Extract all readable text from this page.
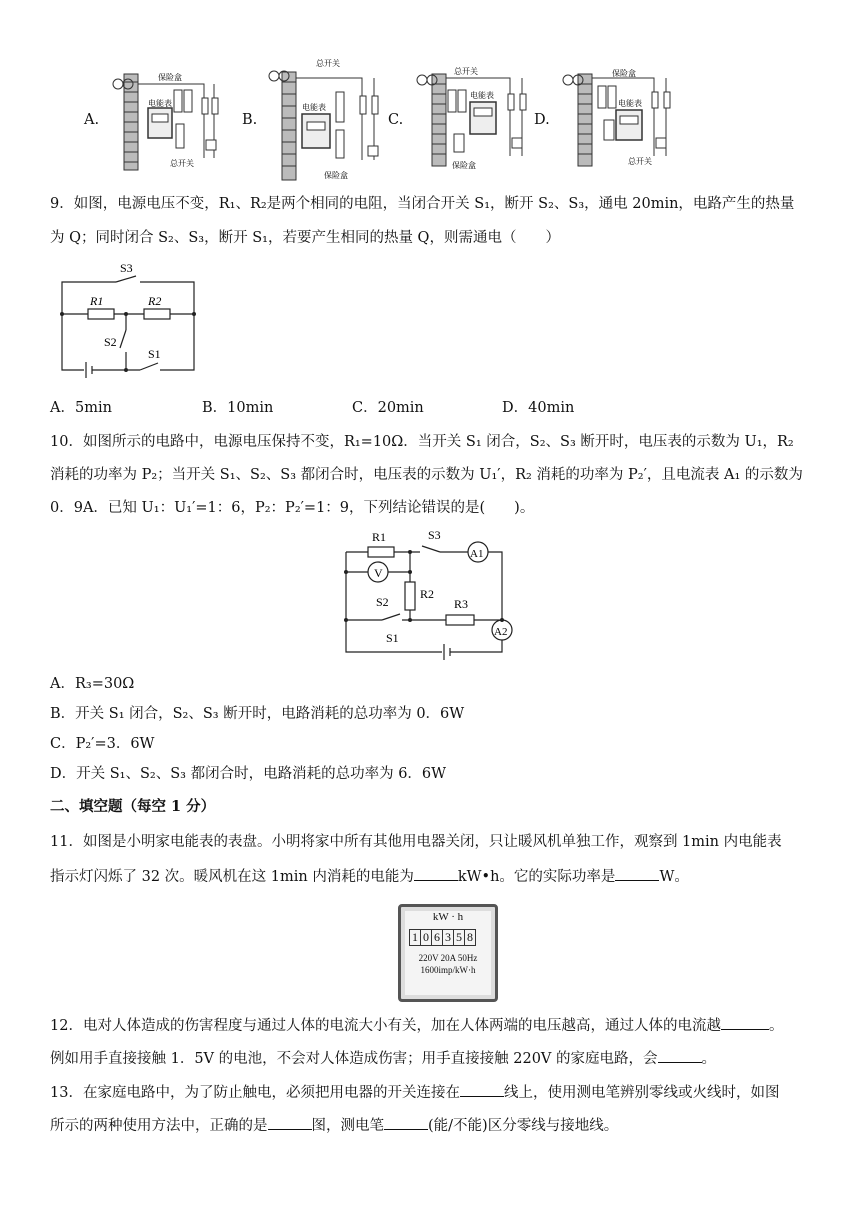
A.
保险盒
电能表
总开关
B.
总开关
电能表
保险盒
C.
总开关
电能表
保险盒
D.
保险盒
电能表
总开关
9．如图，电源电压不变，R₁、R₂是两个相同的电阻，当闭合开关 S₁，断开 S₂、S₃，通电 20min，电路产生的热量
为 Q；同时闭合 S₂、S₃，断开 S₁，若要产生相同的热量 Q，则需通电（　　）
S3
R1	R2
S2
S1
A．5min	B．10min	C．20min	D．40min
10．如图所示的电路中，电源电压保持不变，R₁=10Ω．当开关 S₁ 闭合，S₂、S₃ 断开时，电压表的示数为 U₁，R₂
消耗的功率为 P₂；当开关 S₁、S₂、S₃ 都闭合时，电压表的示数为 U₁′，R₂ 消耗的功率为 P₂′，且电流表 A₁ 的示数为
0．9A．已知 U₁：U₁′=1：6，P₂：P₂′=1：9，下列结论错误的是(　　)。
R1	S3
A1
V
R2
S2	R3
A2
S1
A．R₃=30Ω
B．开关 S₁ 闭合，S₂、S₃ 断开时，电路消耗的总功率为 0．6W
C．P₂′=3．6W
D．开关 S₁、S₂、S₃ 都闭合时，电路消耗的总功率为 6．6W
二、填空题（每空 1 分）
11．如图是小明家电能表的表盘。小明将家中所有其他用电器关闭，只让暖风机单独工作，观察到 1min 内电能表
指示灯闪烁了 32 次。暖风机在这 1min 内消耗的电能为	kW•h。它的实际功率是	W。
kW · h
1 0 6 3 5 8
220V 20A 50Hz
1600imp/kW·h
12．电对人体造成的伤害程度与通过人体的电流大小有关，加在人体两端的电压越高，通过人体的电流越	。
例如用手直接接触 1．5V 的电池，不会对人体造成伤害；用手直接接触 220V 的家庭电路，会	。
13．在家庭电路中，为了防止触电，必须把用电器的开关连接在	线上，使用测电笔辨别零线或火线时，如图
所示的两种使用方法中，正确的是	图，测电笔	(能/不能)区分零线与接地线。
